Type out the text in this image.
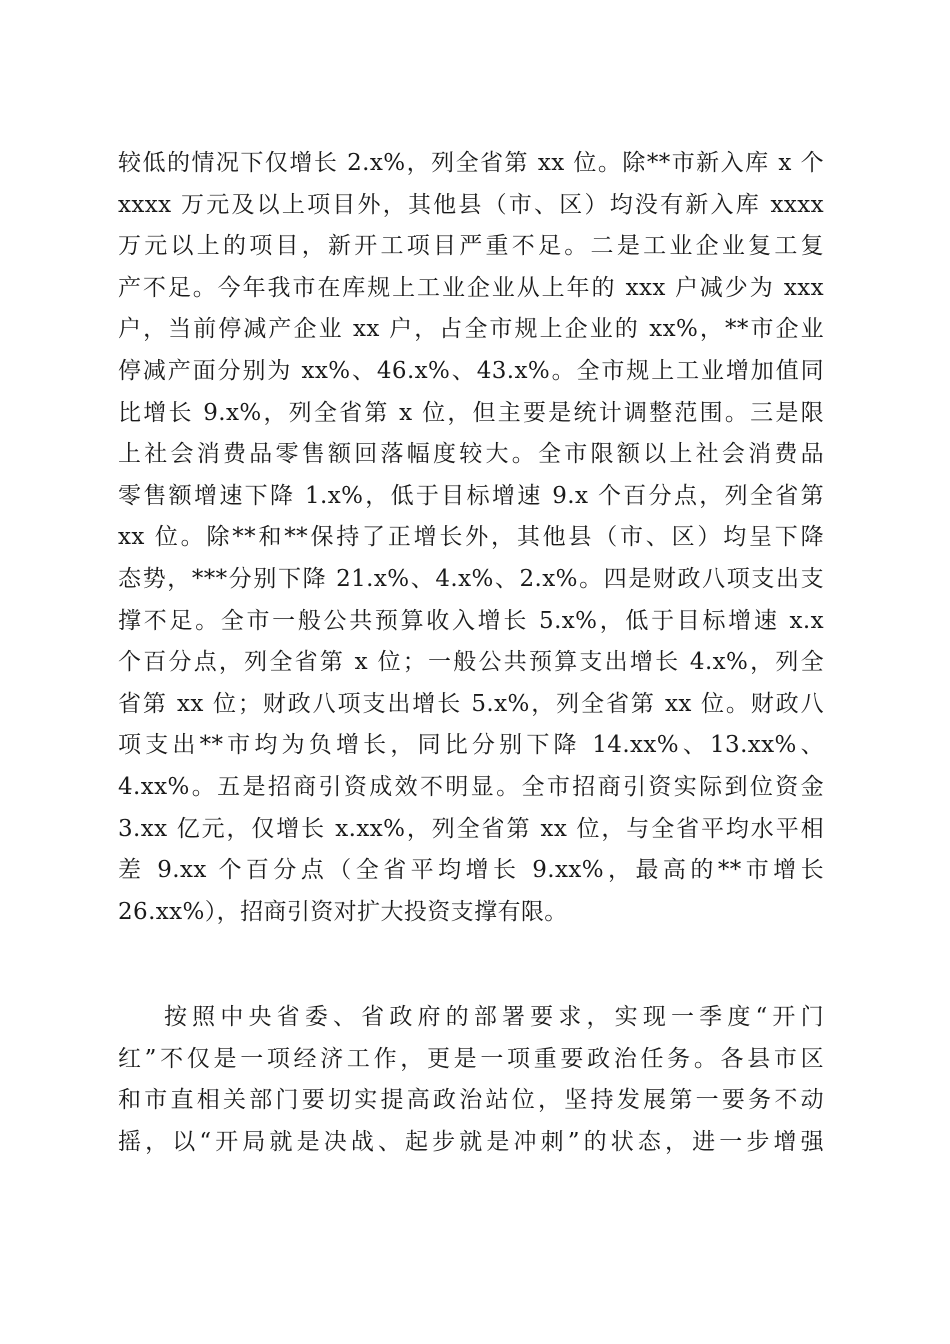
较低的情况下仅增长 2.x%，列全省第 xx 位。除**市新入库 x 个
xxxx 万元及以上项目外，其他县（市、区）均没有新入库 xxxx
万元以上的项目，新开工项目严重不足。二是工业企业复工复
产不足。今年我市在库规上工业企业从上年的 xxx 户减少为 xxx
户，当前停减产企业 xx 户，占全市规上企业的 xx%，**市企业
停减产面分别为 xx%、46.x%、43.x%。全市规上工业增加值同
比增长 9.x%，列全省第 x 位，但主要是统计调整范围。三是限
上社会消费品零售额回落幅度较大。全市限额以上社会消费品
零售额增速下降 1.x%，低于目标增速 9.x 个百分点，列全省第
xx 位。除**和**保持了正增长外，其他县（市、区）均呈下降
态势，***分别下降 21.x%、4.x%、2.x%。四是财政八项支出支
撑不足。全市一般公共预算收入增长 5.x%，低于目标增速 x.x
个百分点，列全省第 x 位；一般公共预算支出增长 4.x%，列全
省第 xx 位；财政八项支出增长 5.x%，列全省第 xx 位。财政八
项支出**市均为负增长，同比分别下降 14.xx%、13.xx%、
4.xx%。五是招商引资成效不明显。全市招商引资实际到位资金
3.xx 亿元，仅增长 x.xx%，列全省第 xx 位，与全省平均水平相
差 9.xx 个百分点（全省平均增长 9.xx%，最高的**市增长
26.xx%），招商引资对扩大投资支撑有限。
按照中央省委、省政府的部署要求，实现一季度“开门
红”不仅是一项经济工作，更是一项重要政治任务。各县市区
和市直相关部门要切实提高政治站位，坚持发展第一要务不动
摇，以“开局就是决战、起步就是冲刺”的状态，进一步增强
